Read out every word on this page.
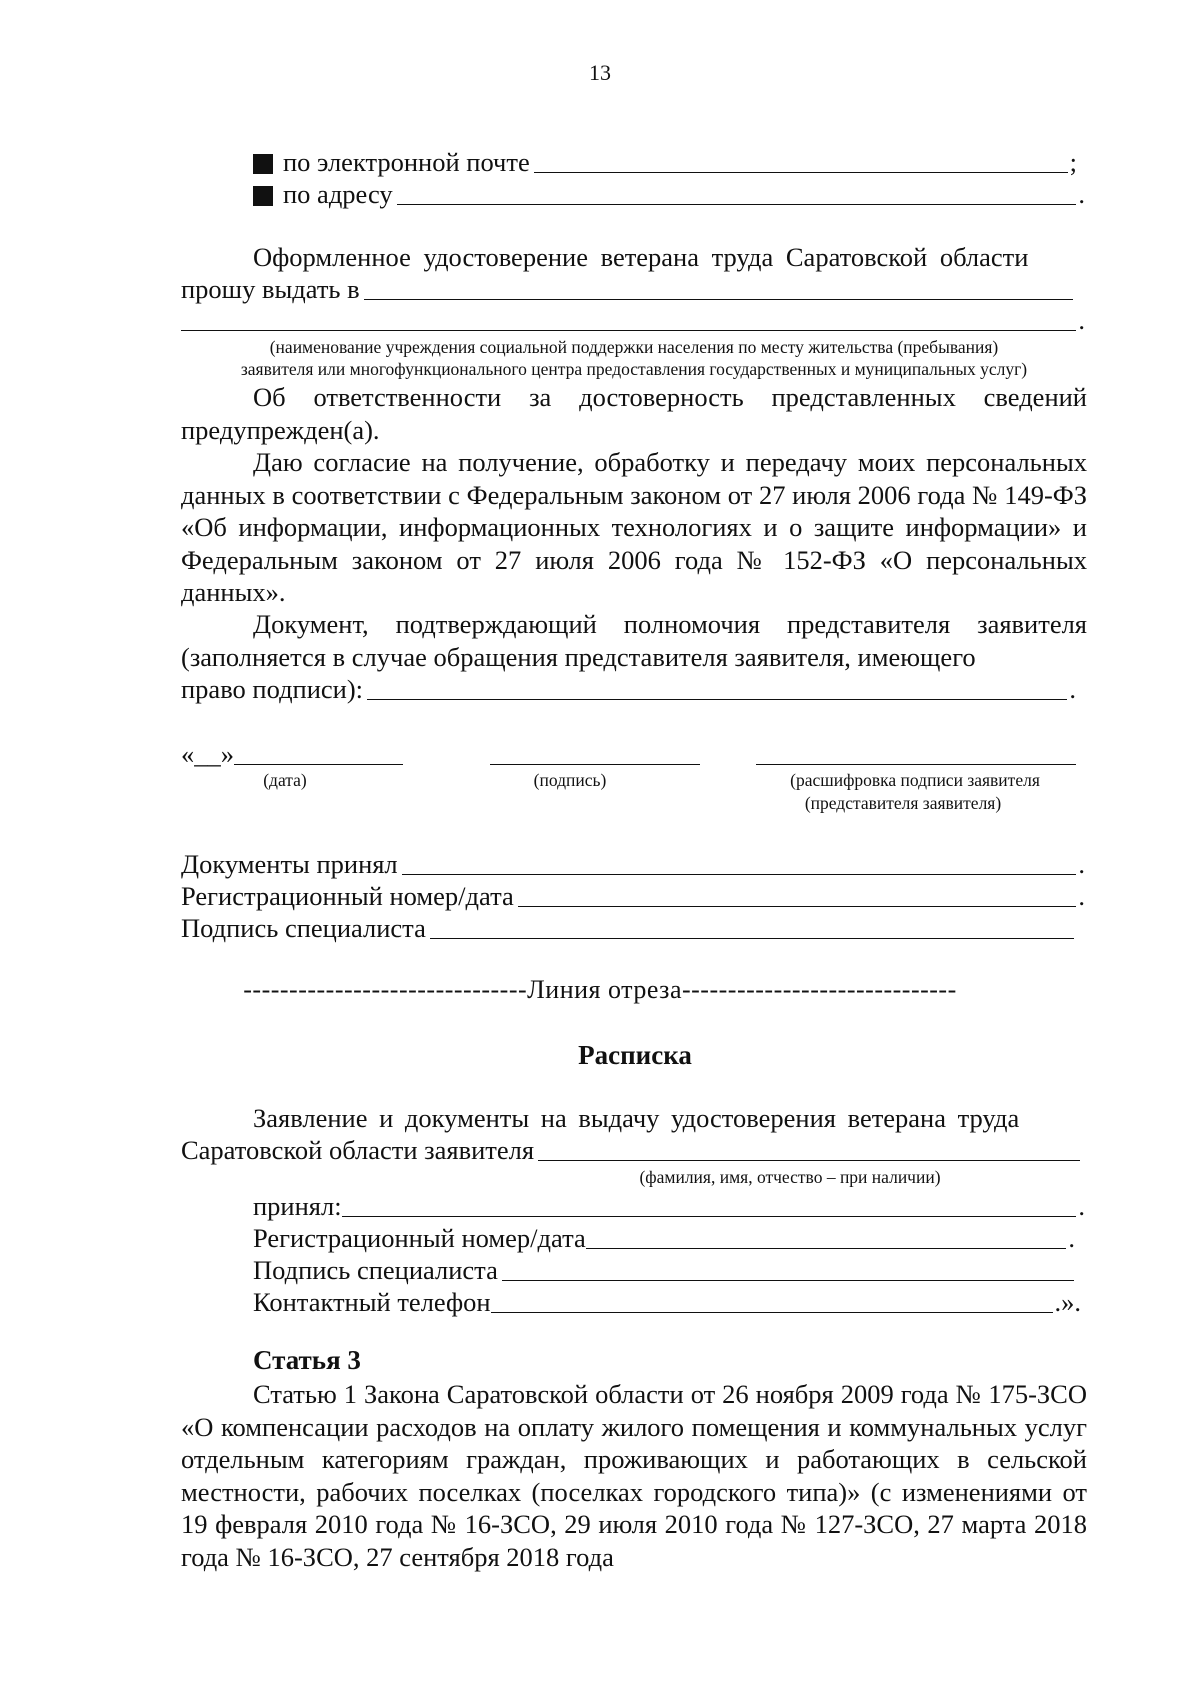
13
по электронной почте	;
по адресу	.
Оформленное удостоверение ветерана труда Саратовской области
прошу выдать в
.
(наименование учреждения социальной поддержки населения по месту жительства (пребывания)
заявителя или многофункционального центра предоставления государственных и муниципальных услуг)
Об ответственности за достоверность представленных сведений предупрежден(а).
Даю согласие на получение, обработку и передачу моих персональных данных в соответствии с Федеральным законом от 27 июля 2006 года № 149-ФЗ «Об информации, информационных технологиях и о защите информации» и Федеральным законом от 27 июля 2006 года № 152-ФЗ «О персональных данных».
Документ, подтверждающий полномочия представителя заявителя (заполняется в случае обращения представителя заявителя, имеющего
право подписи):	.
«__»
(дата)	(подпись)	(расшифровка подписи заявителя
(представителя заявителя)
Документы принял	.
Регистрационный номер/дата	.
Подпись специалиста
-------------------------------Линия отреза------------------------------
Расписка
Заявление и документы на выдачу удостоверения ветерана труда
Саратовской области заявителя
(фамилия, имя, отчество – при наличии)
принял:	.
Регистрационный номер/дата	.
Подпись специалиста
Контактный телефон	.».
Статья 3
Статью 1 Закона Саратовской области от 26 ноября 2009 года № 175-ЗСО «О компенсации расходов на оплату жилого помещения и коммунальных услуг отдельным категориям граждан, проживающих и работающих в сельской местности, рабочих поселках (поселках городского типа)» (с изменениями от 19 февраля 2010 года № 16-ЗСО, 29 июля 2010 года № 127-ЗСО, 27 марта 2018 года № 16-ЗСО, 27 сентября 2018 года
